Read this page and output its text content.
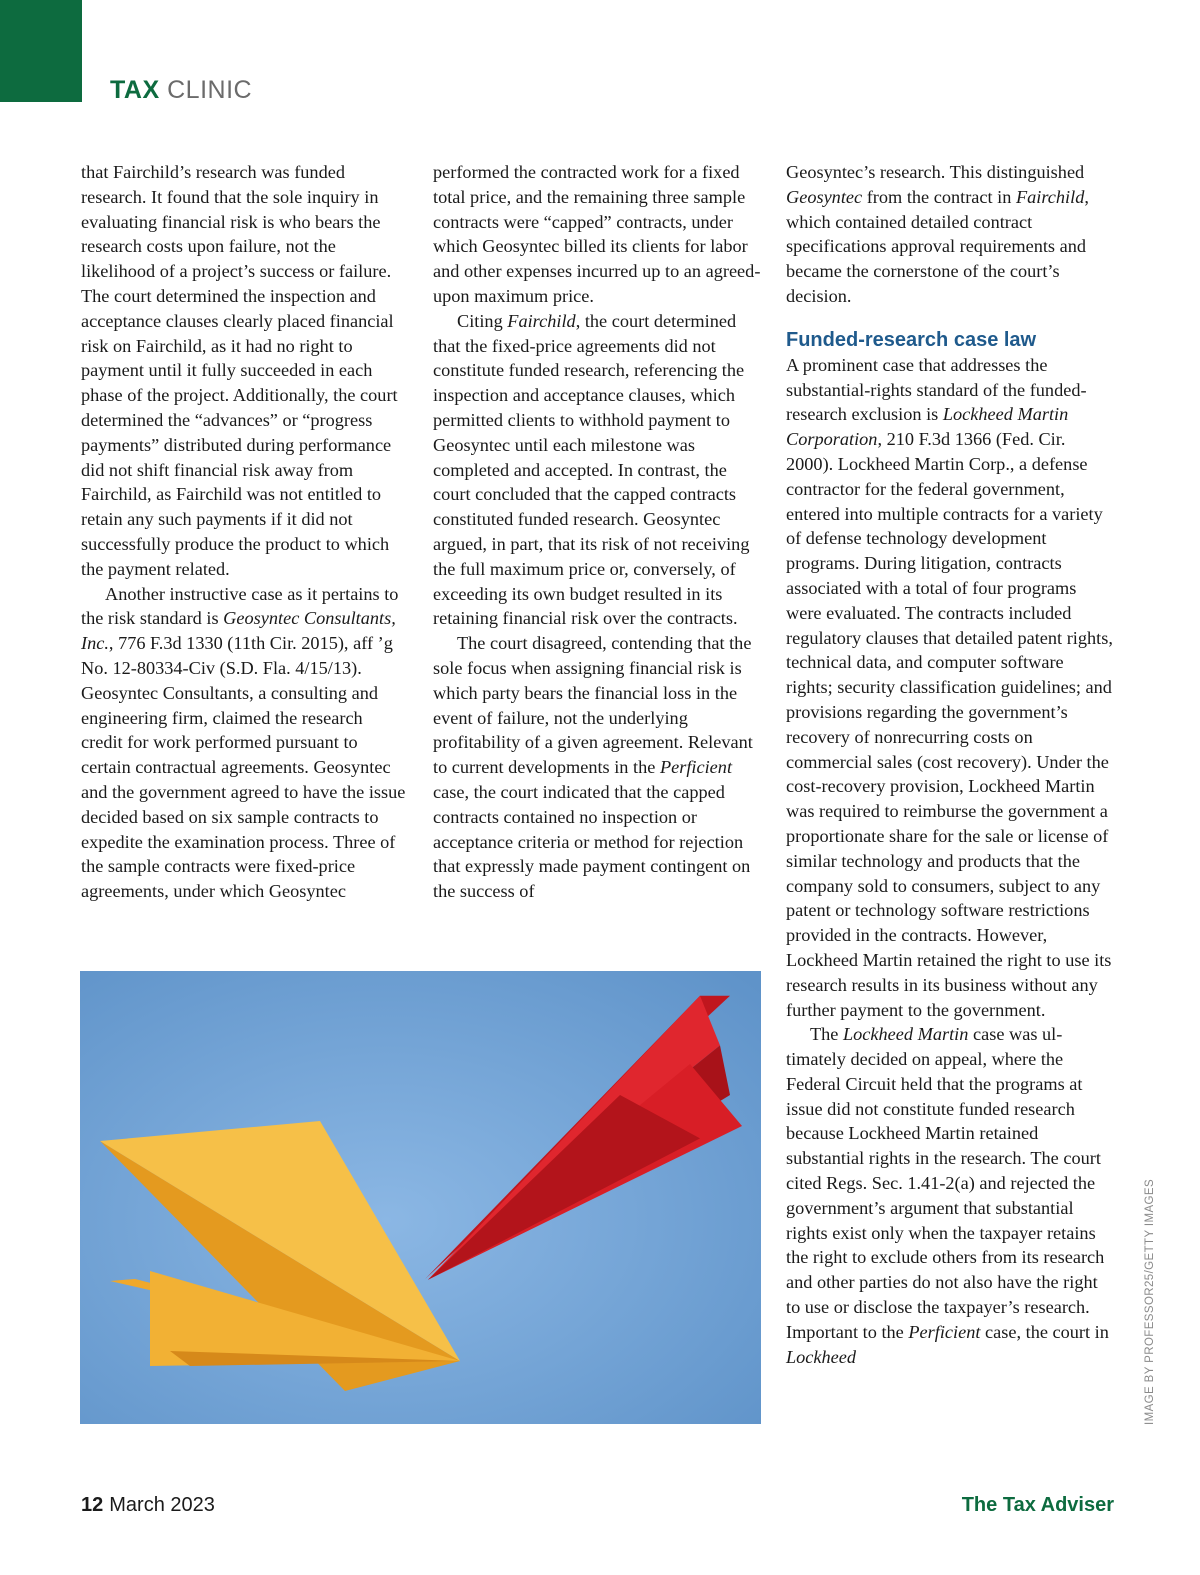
TAX CLINIC

that Fairchild’s research was funded research. It found that the sole inquiry in evaluating financial risk is who bears the research costs upon failure, not the likelihood of a project’s success or failure. The court determined the inspection and acceptance clauses clearly placed financial risk on Fairchild, as it had no right to payment until it fully succeeded in each phase of the project. Additionally, the court determined the “advances” or “progress payments” distributed during performance did not shift financial risk away from Fairchild, as Fairchild was not entitled to retain any such payments if it did not successfully produce the product to which the payment related.

Another instructive case as it pertains to the risk standard is Geosyntec Consultants, Inc., 776 F.3d 1330 (11th Cir. 2015), aff ’g No. 12-80334-Civ (S.D. Fla. 4/15/13). Geosyntec Consultants, a consulting and engineering firm, claimed the research credit for work performed pursuant to certain contractual agreements. Geosyntec and the government agreed to have the issue decided based on six sample contracts to expedite the examination process. Three of the sample contracts were fixed-price agreements, under which Geosyntec

performed the contracted work for a fixed total price, and the remaining three sample contracts were “capped” contracts, under which Geosyntec billed its clients for labor and other expenses incurred up to an agreed-upon maximum price.

Citing Fairchild, the court determined that the fixed-price agreements did not constitute funded research, referencing the inspection and acceptance clauses, which permitted clients to withhold payment to Geosyntec until each milestone was completed and accepted. In contrast, the court concluded that the capped contracts constituted funded research. Geosyntec argued, in part, that its risk of not receiving the full maximum price or, conversely, of exceeding its own budget resulted in its retaining financial risk over the contracts.

The court disagreed, contending that the sole focus when assigning financial risk is which party bears the financial loss in the event of failure, not the underlying profitability of a given agreement. Relevant to current developments in the Perficient case, the court indicated that the capped contracts contained no inspection or acceptance criteria or method for rejection that expressly made payment contingent on the success of

Geosyntec’s research. This distinguished Geosyntec from the contract in Fairchild, which contained detailed contract specifications approval requirements and became the cornerstone of the court’s decision.

Funded-research case law

A prominent case that addresses the substantial-rights standard of the funded-research exclusion is Lockheed Martin Corporation, 210 F.3d 1366 (Fed. Cir. 2000). Lockheed Martin Corp., a defense contractor for the federal government, entered into multiple contracts for a variety of defense technology development programs. During litigation, contracts associated with a total of four programs were evaluated. The contracts included regulatory clauses that detailed patent rights, technical data, and computer software rights; security classification guidelines; and provisions regarding the government’s recovery of nonrecurring costs on commercial sales (cost recovery). Under the cost-recovery provision, Lockheed Martin was required to reimburse the government a proportionate share for the sale or license of similar technology and products that the company sold to consumers, subject to any patent or technology software restrictions provided in the contracts. However, Lockheed Martin retained the right to use its research results in its business without any further payment to the government.

The Lockheed Martin case was ultimately decided on appeal, where the Federal Circuit held that the programs at issue did not constitute funded research because Lockheed Martin retained substantial rights in the research. The court cited Regs. Sec. 1.41-2(a) and rejected the government’s argument that substantial rights exist only when the taxpayer retains the right to exclude others from its research and other parties do not also have the right to use or disclose the taxpayer’s research. Important to the Perficient case, the court in Lockheed	IMAGE BY PROFESSOR25/GETTY IMAGES
12 March 2023	The Tax Adviser
